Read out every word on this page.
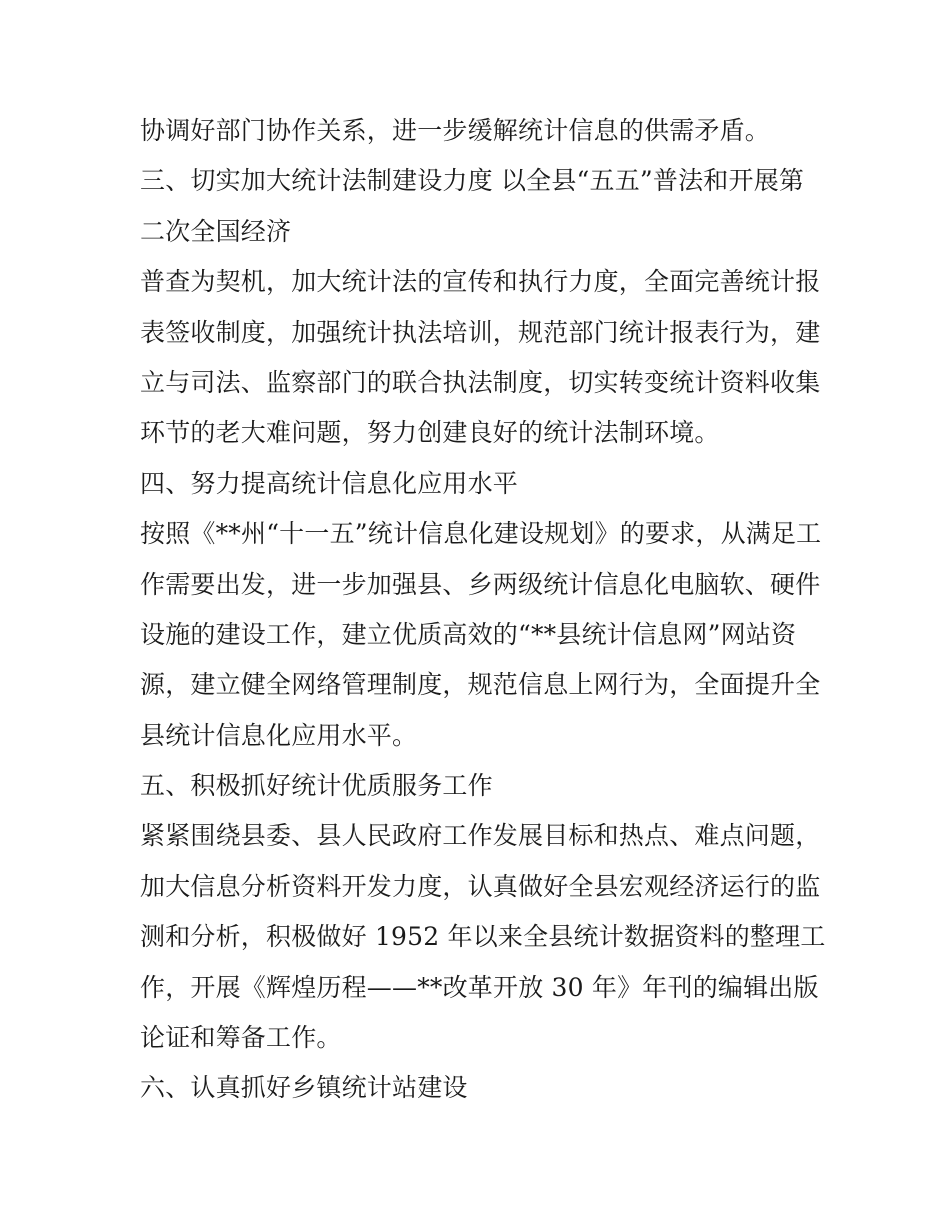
协调好部门协作关系，进一步缓解统计信息的供需矛盾。
三、切实加大统计法制建设力度 以全县“五五”普法和开展第
二次全国经济
普查为契机，加大统计法的宣传和执行力度，全面完善统计报
表签收制度，加强统计执法培训，规范部门统计报表行为，建
立与司法、监察部门的联合执法制度，切实转变统计资料收集
环节的老大难问题，努力创建良好的统计法制环境。
四、努力提高统计信息化应用水平
按照《**州“十一五”统计信息化建设规划》的要求，从满足工
作需要出发，进一步加强县、乡两级统计信息化电脑软、硬件
设施的建设工作，建立优质高效的“**县统计信息网”网站资
源，建立健全网络管理制度，规范信息上网行为，全面提升全
县统计信息化应用水平。
五、积极抓好统计优质服务工作
紧紧围绕县委、县人民政府工作发展目标和热点、难点问题，
加大信息分析资料开发力度，认真做好全县宏观经济运行的监
测和分析，积极做好 1952 年以来全县统计数据资料的整理工
作，开展《辉煌历程——**改革开放 30 年》年刊的编辑出版
论证和筹备工作。
六、认真抓好乡镇统计站建设
